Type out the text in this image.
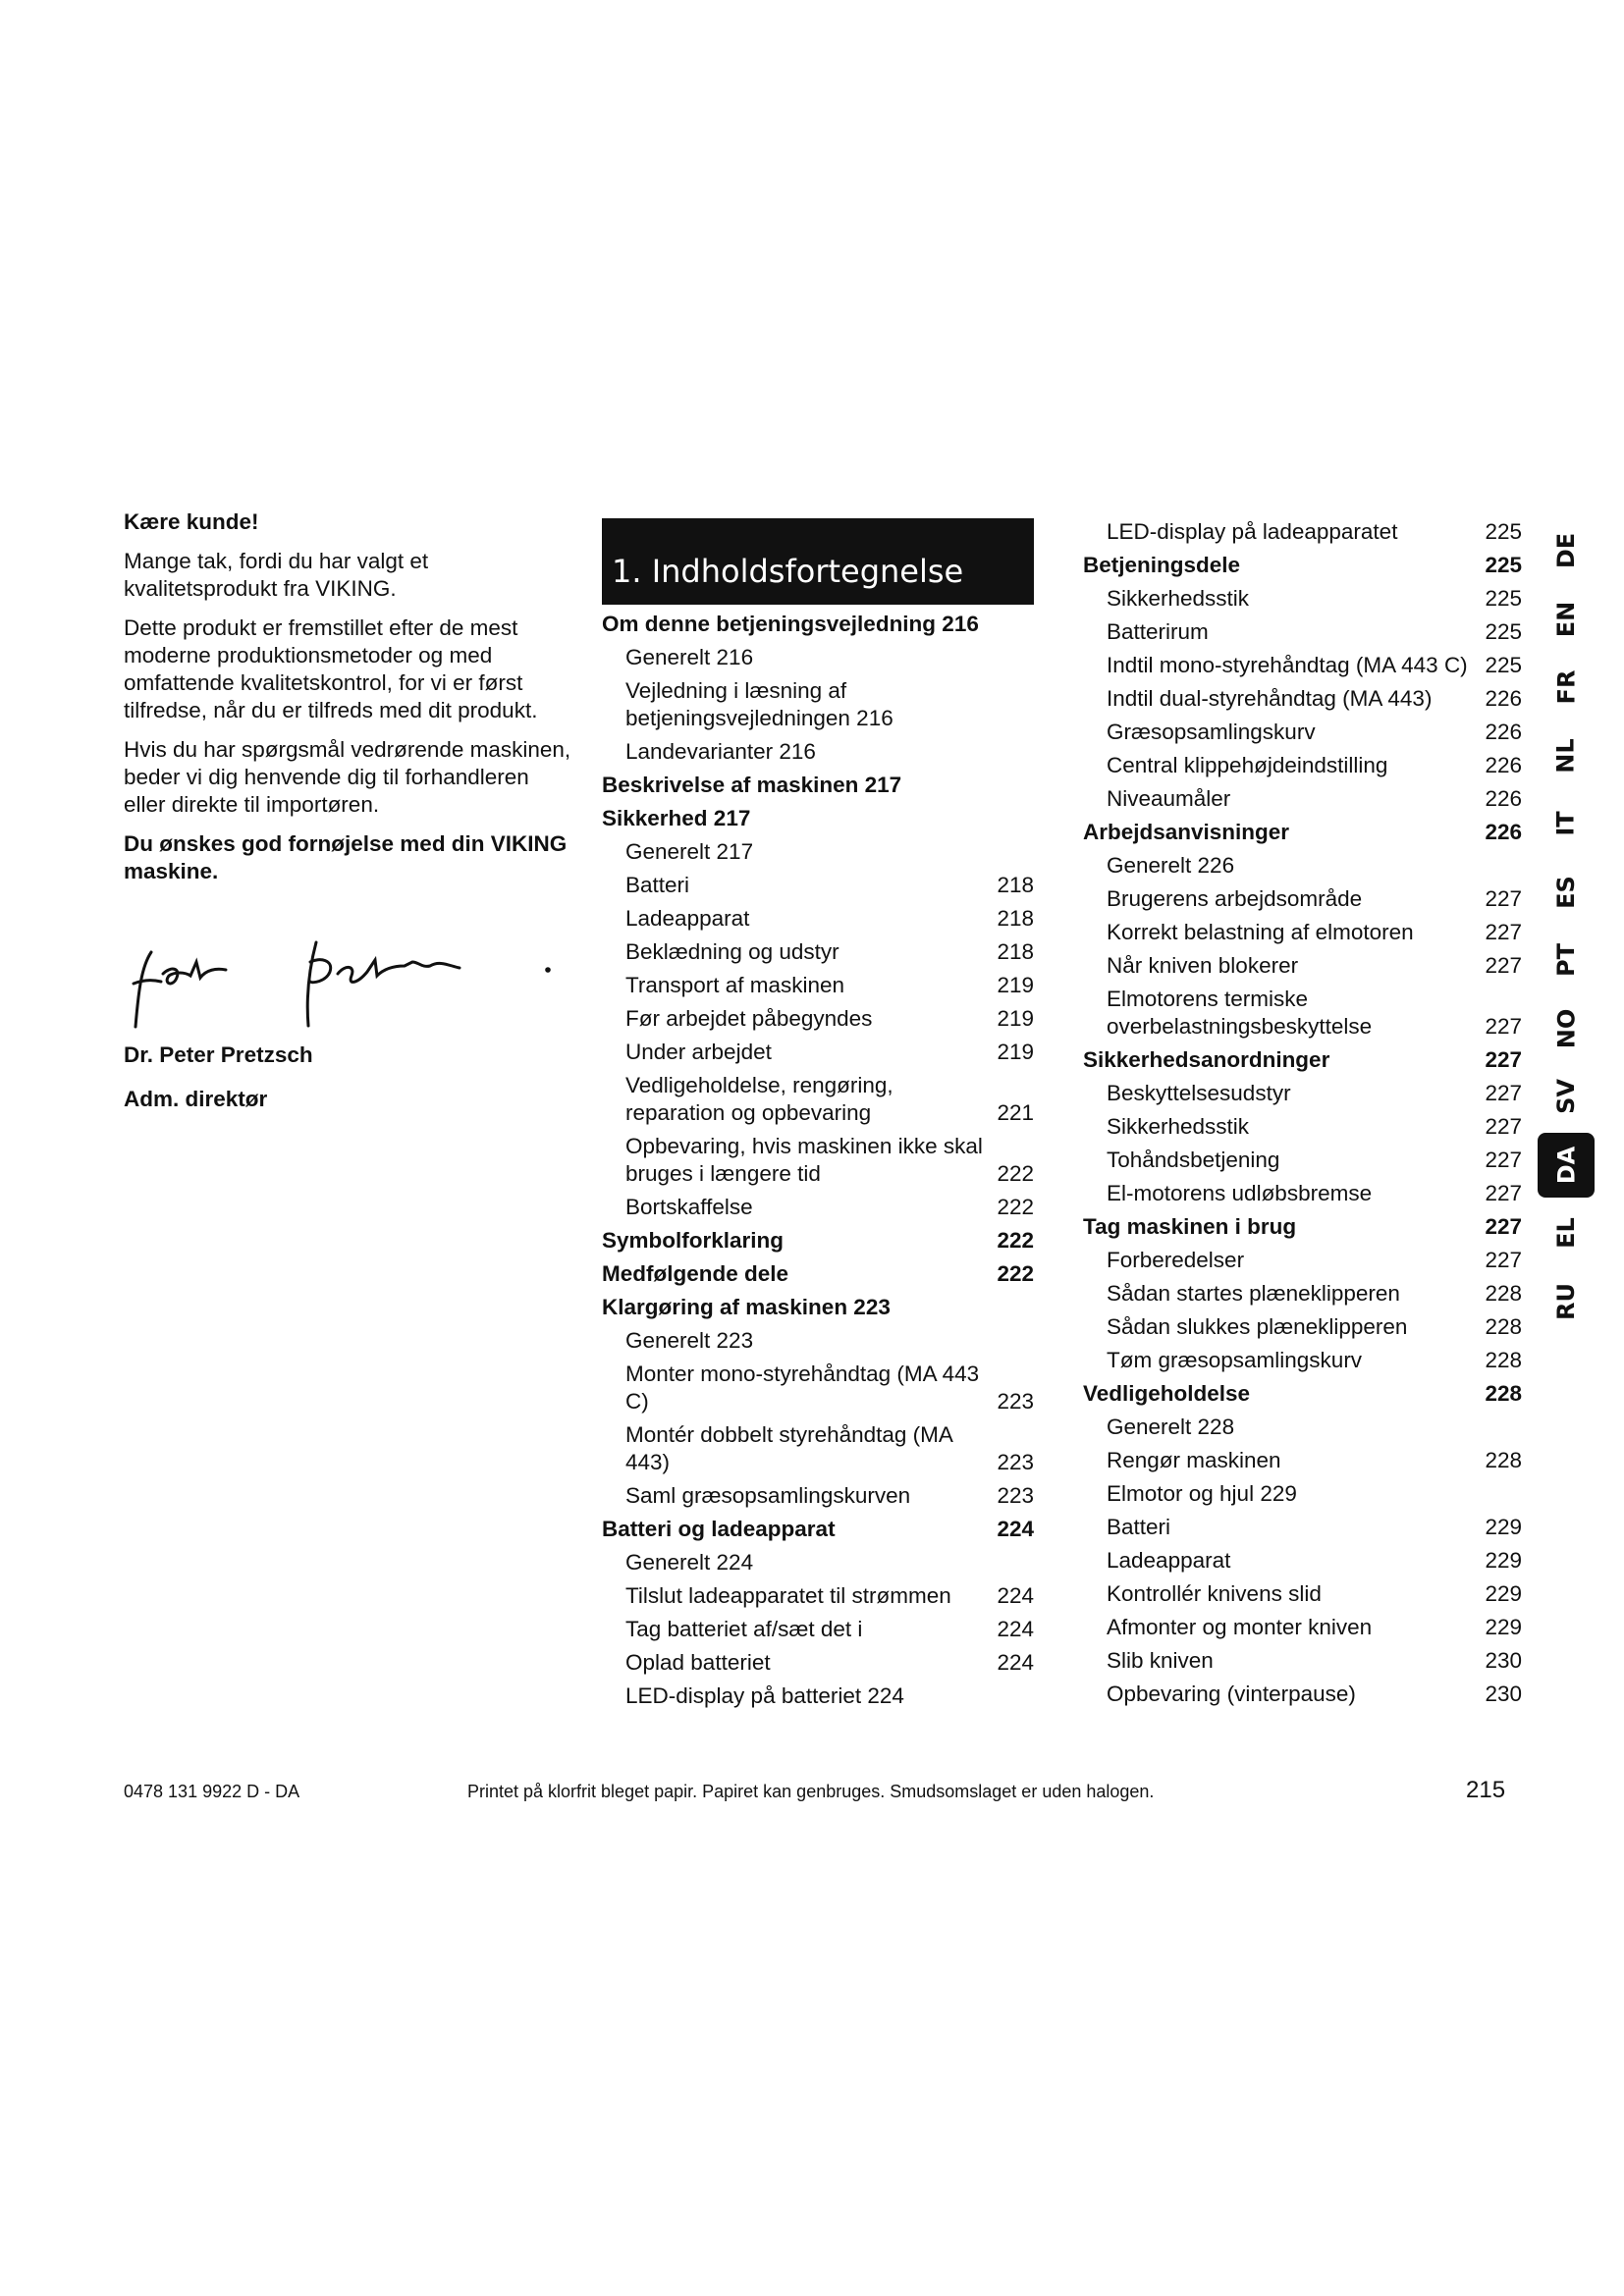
Kære kunde!

Mange tak, fordi du har valgt et kvalitetsprodukt fra VIKING.

Dette produkt er fremstillet efter de mest moderne produktionsmetoder og med omfattende kvalitetskontrol, for vi er først tilfredse, når du er tilfreds med dit produkt.

Hvis du har spørgsmål vedrørende maskinen, beder vi dig henvende dig til forhandleren eller direkte til importøren.

Du ønskes god fornøjelse med din VIKING maskine.

Dr. Peter Pretzsch
Adm. direktør
1. Indholdsfortegnelse
Om denne betjeningsvejledning 216
Generelt 216
Vejledning i læsning af betjeningsvejledningen 216
Landevarianter 216
Beskrivelse af maskinen 217
Sikkerhed 217
Generelt 217
Batteri	218
Ladeapparat	218
Beklædning og udstyr	218
Transport af maskinen	219
Før arbejdet påbegyndes	219
Under arbejdet	219
Vedligeholdelse, rengøring, reparation og opbevaring	221
Opbevaring, hvis maskinen ikke skal bruges i længere tid	222
Bortskaffelse	222
Symbolforklaring	222
Medfølgende dele	222
Klargøring af maskinen 223
Generelt 223
Monter mono-styrehåndtag (MA 443 C)	223
Montér dobbelt styrehåndtag (MA 443)	223
Saml græsopsamlingskurven	223
Batteri og ladeapparat	224
Generelt 224
Tilslut ladeapparatet til strømmen	224
Tag batteriet af/sæt det i	224
Oplad batteriet	224
LED-display på batteriet 224
LED-display på ladeapparatet	225
Betjeningsdele	225
Sikkerhedsstik	225
Batterirum	225
Indtil mono-styrehåndtag (MA 443 C) 225
Indtil dual-styrehåndtag (MA 443)	226
Græsopsamlingskurv	226
Central klippehøjdeindstilling	226
Niveaumåler	226
Arbejdsanvisninger	226
Generelt 226
Brugerens arbejdsområde	227
Korrekt belastning af elmotoren	227
Når kniven blokerer	227
Elmotorens termiske overbelastningsbeskyttelse	227
Sikkerhedsanordninger	227
Beskyttelsesudstyr	227
Sikkerhedsstik	227
Tohåndsbetjening	227
El-motorens udløbsbremse	227
Tag maskinen i brug	227
Forberedelser	227
Sådan startes plæneklipperen	228
Sådan slukkes plæneklipperen	228
Tøm græsopsamlingskurv	228
Vedligeholdelse	228
Generelt 228
Rengør maskinen	228
Elmotor og hjul 229
Batteri	229
Ladeapparat	229
Kontrollér knivens slid	229
Afmonter og monter kniven	229
Slib kniven	230
Opbevaring (vinterpause)	230
DE
EN
FR
NL
IT
ES
PT
NO
SV
DA
EL
RU
0478 131 9922 D - DA	Printet på klorfrit bleget papir. Papiret kan genbruges. Smudsomslaget er uden halogen.	215
